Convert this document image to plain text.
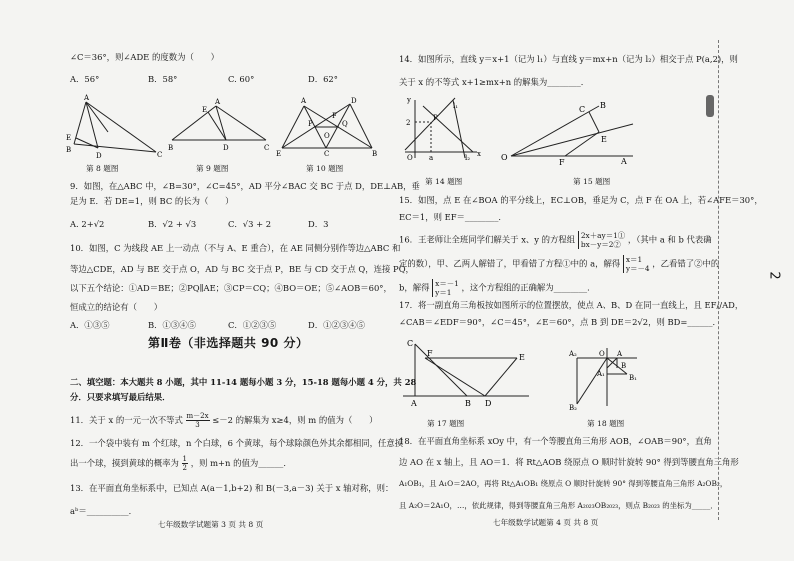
∠C＝36°，则∠ADE 的度数为（　　）
A．56°	B．58°	C. 60°	D．62°
A
E
B
D	C
E
A
B	D	C
A	D
F
P
O
Q
E	B
C
第 8 题图	第 9 题图	第 10 题图
9．如图，在△ABC 中，∠B=30°，∠C=45°，AD 平分∠BAC 交 BC 于点 D，DE⊥AB，垂
足为 E．若 DE=1，则 BC 的长为（　　）
A. 2+√2	B．√2 + √3	C．√3 + 2	D．3
10．如图，C 为线段 AE 上一动点（不与 A、E 重合），在 AE 同侧分别作等边△ABC 和
等边△CDE，AD 与 BE 交于点 O，AD 与 BC 交于点 P，BE 与 CD 交于点 Q，连接 PQ，
以下五个结论：①AD＝BE；②PQ∥AE；③CP＝CQ；④BO＝OE；⑤∠AOB＝60°，
恒成立的结论有（　　）
A．①③⑤	B．①③④⑤	C．①②③⑤	D．①②③④⑤
第Ⅱ卷（非选择题共 90 分）
二、填空题：本大题共 8 小题，其中 11-14 题每小题 3 分，15-18 题每小题 4 分，共 28
分．只要求填写最后结果．
11．关于 x 的一元一次不等式 $\frac{m-2x}{3} \le-2$ 的解集为 x≥4，则 m 的值为（　　）
12．一个袋中装有 m 个红球，n 个白球，6 个黄球，每个球除颜色外其余都相同，任意摸
出一个球，摸到黄球的概率为 $\frac{1}{2}$ ，则 m+n 的值为______．
13．在平面直角坐标系中，已知点 A(a－1,b+2) 和 B(－3,a－3) 关于 x 轴对称，则：
aᵇ＝__________．
七年级数学试题第 3 页 共 8 页
14．如图所示，直线 y＝x+1（记为 l₁）与直线 y＝mx+n（记为 l₂）相交于点 P(a,2)，则
关于 x 的不等式 x+1≥mx+n 的解集为________．
y
l₁
2
P
O a	l₂ x
C B
E
O
F	A
第 14 题图	第 15 题图
15．如图，点 E 在∠BOA 的平分线上，EC⊥OB，垂足为 C，点 F 在 OA 上，若∠AFE＝30°，
EC＝1，则 EF＝________．
16．王老师让全班同学们解关于 x、y 的方程组 2x＋ay＝1①
bx－y＝2② ，（其中 a 和 b 代表确
定的数），甲、乙两人解错了，甲看错了方程①中的 a，解得 x＝1
y＝－4 ，乙看错了②中的
b，解得 x＝－1
y＝1	，这个方程组的正确解为________．
17．将一副直角三角板按如图所示的位置摆放，使点 A、B、D 在同一直线上，且 EF//AD，
∠CAB＝∠EDF＝90°，∠C＝45°，∠E＝60°，点 B 到 DE＝2√2，则 BD=______．
C
F	E
A	B D
A₂	O A
A₁
B
B₁
B₂
第 17 题图	第 18 题图
18．在平面直角坐标系 xOy 中，有一个等腰直角三角形 AOB，∠OAB＝90°，直角
边 AO 在 x 轴上，且 AO＝1．将 Rt△AOB 绕原点 O 顺时针旋转 90° 得到等腰直角三角形
A₁OB₁，且 A₁O＝2AO，再将 Rt△A₁OB₁ 绕原点 O 顺时针旋转 90° 得到等腰直角三角形 A₂OB₂，
且 A₂O＝2A₁O，…，依此规律，得到等腰直角三角形 A₂₀₂₃OB₂₀₂₃，则点 B₂₀₂₃ 的坐标为_____．
七年级数学试题第 4 页 共 8 页
2
